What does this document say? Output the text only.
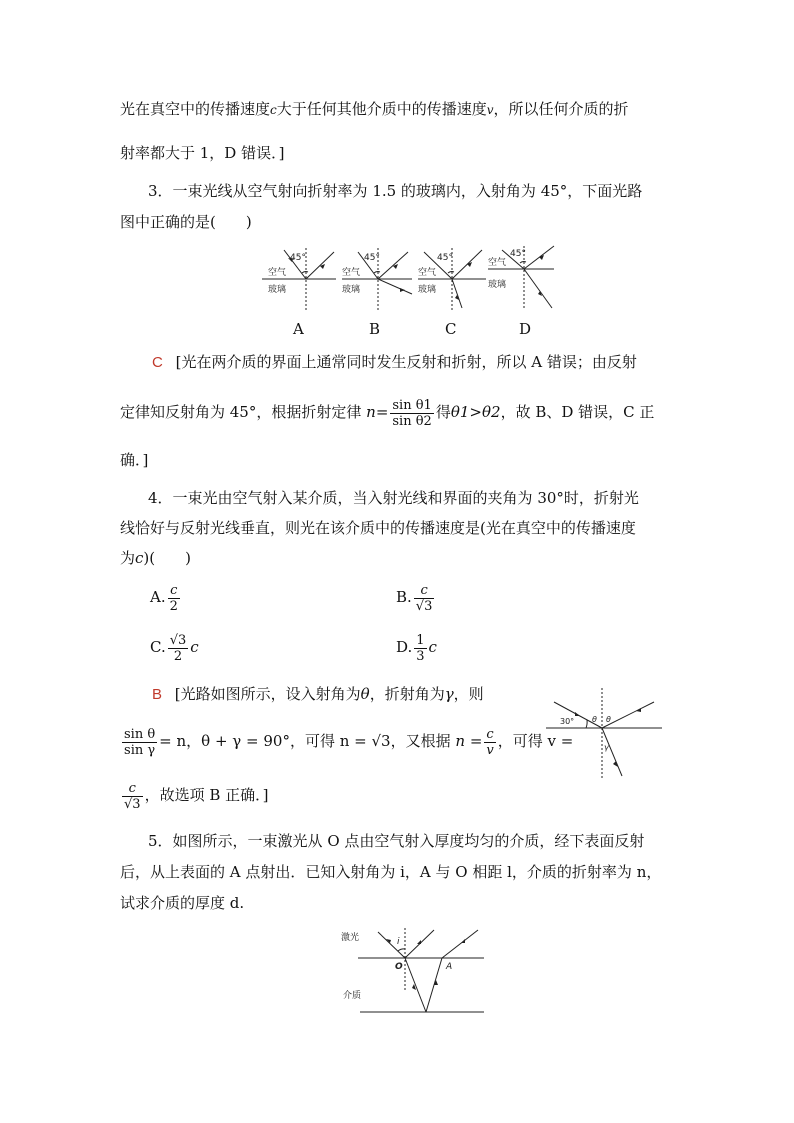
光在真空中的传播速度c大于任何其他介质中的传播速度v，所以任何介质的折
射率都大于 1，D 错误．]
3．一束光线从空气射向折射率为 1.5 的玻璃内，入射角为 45°，下面光路
图中正确的是(　　)
空气
玻璃
45°
空气
玻璃
45°
空气
玻璃
45°	空气
玻璃
45°
A	B	C	D
C [光在两介质的界面上通常同时发生反射和折射，所以 A 错误；由反射
定律知反射角为 45°，根据折射定律 $n= \frac{\text{sin θ1}}{\text{sin θ2}}$ 得θ1>θ2，故 B、D 错误，C 正
确．]
4．一束光由空气射入某介质，当入射光线和界面的夹角为 30°时，折射光
线恰好与反射光线垂直，则光在该介质中的传播速度是(光在真空中的传播速度
为c)(　　)
A. $\frac{c}{2}$	B. $\frac{c}{√3}$
C. $\frac{√3}{2}$ c	D. $\frac{1}{3}$ c
B [光路如图所示，设入射角为θ，折射角为γ，则
$\frac{\text{sin θ}}{\text{sin γ}} = n$，θ + γ = 90°，可得 n = √3，又根据 $n = \frac{c}{v}$ ，可得 v =
$\frac{c}{√3}$ ，故选项 B 正确．]
30° θ θ
γ
5．如图所示，一束激光从 O 点由空气射入厚度均匀的介质，经下表面反射
后，从上表面的 A 点射出．已知入射角为 i，A 与 O 相距 l，介质的折射率为 n，
试求介质的厚度 d.
激光	i
O	A
介质
